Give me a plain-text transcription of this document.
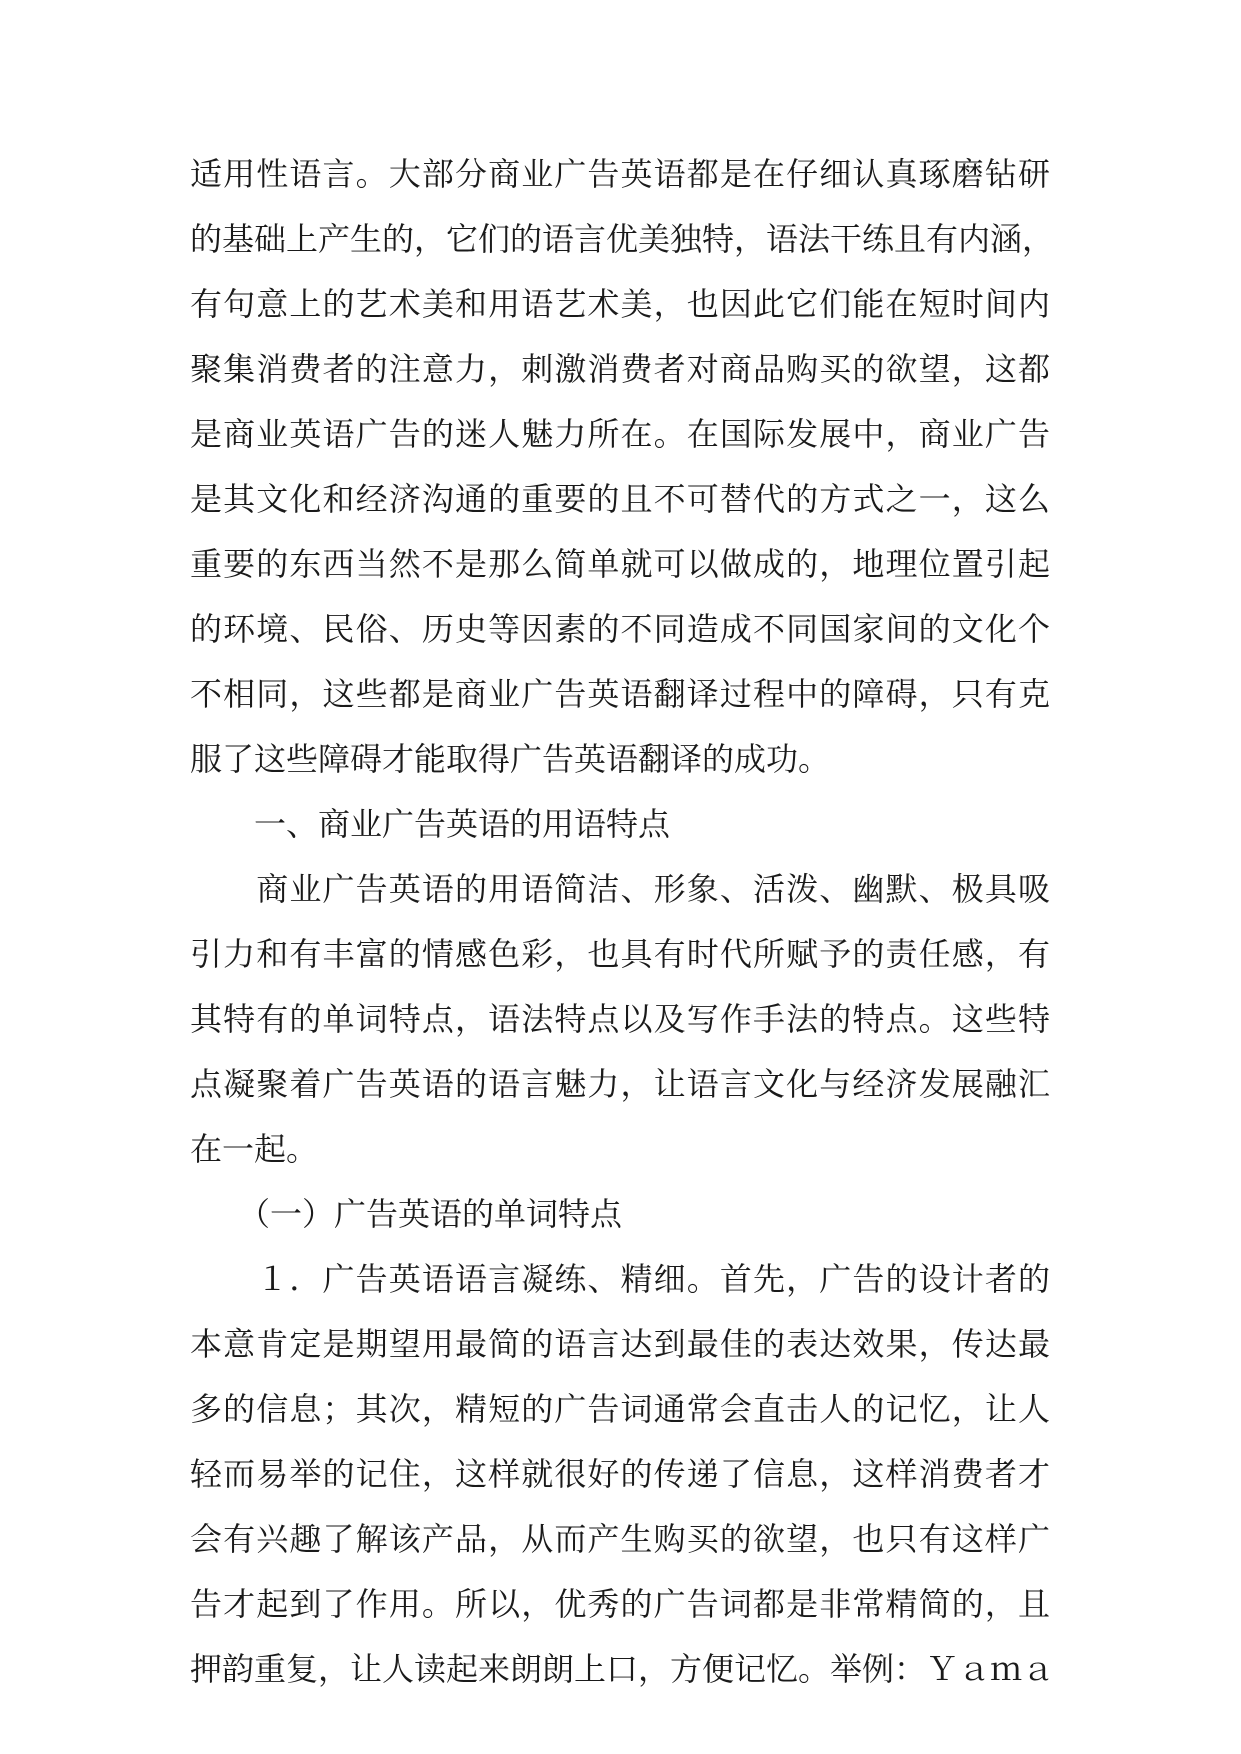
适用性语言。大部分商业广告英语都是在仔细认真琢磨钻研
的基础上产生的，它们的语言优美独特，语法干练且有内涵，
有句意上的艺术美和用语艺术美，也因此它们能在短时间内
聚集消费者的注意力，刺激消费者对商品购买的欲望，这都
是商业英语广告的迷人魅力所在。在国际发展中，商业广告
是其文化和经济沟通的重要的且不可替代的方式之一，这么
重要的东西当然不是那么简单就可以做成的，地理位置引起
的环境、民俗、历史等因素的不同造成不同国家间的文化个
不相同，这些都是商业广告英语翻译过程中的障碍，只有克
服了这些障碍才能取得广告英语翻译的成功。
　　一、商业广告英语的用语特点
　　商业广告英语的用语简洁、形象、活泼、幽默、极具吸
引力和有丰富的情感色彩，也具有时代所赋予的责任感，有
其特有的单词特点，语法特点以及写作手法的特点。这些特
点凝聚着广告英语的语言魅力，让语言文化与经济发展融汇
在一起。
　　（一）广告英语的单词特点
　　１．广告英语语言凝练、精细。首先，广告的设计者的
本意肯定是期望用最简的语言达到最佳的表达效果，传达最
多的信息；其次，精短的广告词通常会直击人的记忆，让人
轻而易举的记住，这样就很好的传递了信息，这样消费者才
会有兴趣了解该产品，从而产生购买的欲望，也只有这样广
告才起到了作用。所以，优秀的广告词都是非常精简的，且
押韵重复，让人读起来朗朗上口，方便记忆。举例：Ｙａｍａ
